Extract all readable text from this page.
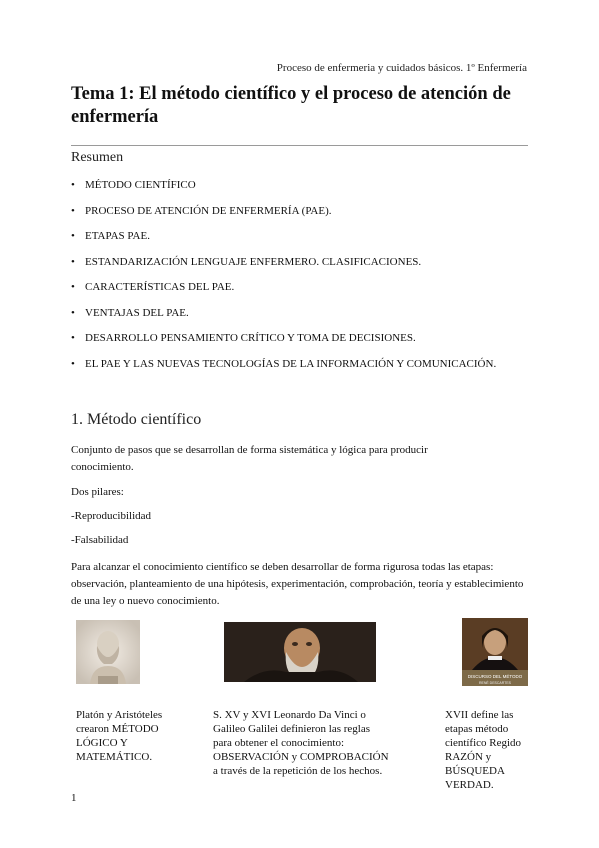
Proceso de enfermeria y cuidados básicos. 1º Enfermería
Tema 1: El método científico y el proceso de atención de enfermería
Resumen
• MÉTODO CIENTÍFICO
• PROCESO DE ATENCIÓN DE ENFERMERÍA (PAE).
• ETAPAS PAE.
• ESTANDARIZACIÓN LENGUAJE ENFERMERO. CLASIFICACIONES.
• CARACTERÍSTICAS DEL PAE.
• VENTAJAS DEL PAE.
• DESARROLLO PENSAMIENTO CRÍTICO Y TOMA DE DECISIONES.
• EL PAE Y LAS NUEVAS TECNOLOGÍAS DE LA INFORMACIÓN Y COMUNICACIÓN.
1. Método científico
Conjunto de pasos que se desarrollan de forma sistemática y lógica para producir conocimiento.
Dos pilares:
-Reproducibilidad
-Falsabilidad
Para alcanzar el conocimiento científico se deben desarrollar de forma rigurosa todas las etapas: observación, planteamiento de una hipótesis, experimentación, comprobación, teoría y establecimiento de una ley o nuevo conocimiento.
DISCURSO DEL MÉTODO
RENÉ DESCARTES
Platón y Aristóteles crearon MÉTODO LÓGICO Y MATEMÁTICO.
S. XV y XVI Leonardo Da Vinci o Galileo Galilei definieron las reglas para obtener el conocimiento: OBSERVACIÓN y COMPROBACIÓN a través de la repetición de los hechos.
XVII define las etapas método científico Regido RAZÓN y BÚSQUEDA VERDAD.
1
